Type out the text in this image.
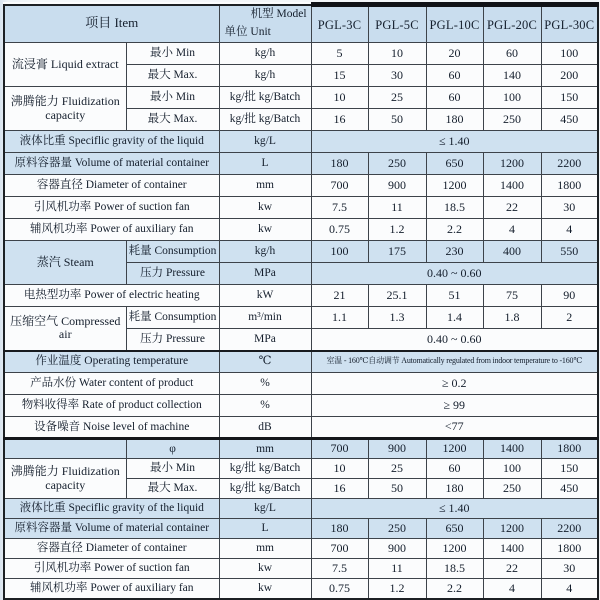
项目 Item		机型 Model
单位 Unit	PGL-3C	PGL-5C	PGL-10C	PGL-20C	PGL-30C
流浸膏 Liquid extract	最小 Min	kg/h	5	10	20	60	100
	最大 Max.	kg/h	15	30	60	140	200
沸腾能力 Fluidization capacity	最小 Min	kg/批 kg/Batch	10	25	60	100	150
	最大 Max.	kg/批 kg/Batch	16	50	180	250	450
液体比重 Speciflic gravity of the liquid		kg/L	≤ 1.40				
原料容器量 Volume of material container		L	180	250	650	1200	2200
容器直径 Diameter of container		mm	700	900	1200	1400	1800
引风机功率 Power of suction fan		kw	7.5	11	18.5	22	30
辅风机功率 Power of auxiliary fan		kw	0.75	1.2	2.2	4	4
蒸汽 Steam	耗量 Consumption	kg/h	100	175	230	400	550
	压力 Pressure	MPa	0.40 ~ 0.60				
电热型功率 Power of electric heating		kW	21	25.1	51	75	90
压缩空气 Compressed air	耗量 Consumption	m³/min	1.1	1.3	1.4	1.8	2
	压力 Pressure	MPa	0.40 ~ 0.60				
作业温度 Operating temperature		℃	室温 - 160℃自动调节 Automatically regulated from indoor temperature to -160℃				
产品水份 Water content of product		%	≥ 0.2				
物料收得率 Rate of product collection		%	≥ 99				
设备噪音 Noise level of machine		dB	<77				
	φ	mm	700	900	1200	1400	1800
沸腾能力 Fluidization capacity	最小 Min	kg/批 kg/Batch	10	25	60	100	150
	最大 Max.	kg/批 kg/Batch	16	50	180	250	450
液体比重 Speciflic gravity of the liquid		kg/L	≤ 1.40				
原料容器量 Volume of material container		L	180	250	650	1200	2200
容器直径 Diameter of container		mm	700	900	1200	1400	1800
引风机功率 Power of suction fan		kw	7.5	11	18.5	22	30
辅风机功率 Power of auxiliary fan		kw	0.75	1.2	2.2	4	4
